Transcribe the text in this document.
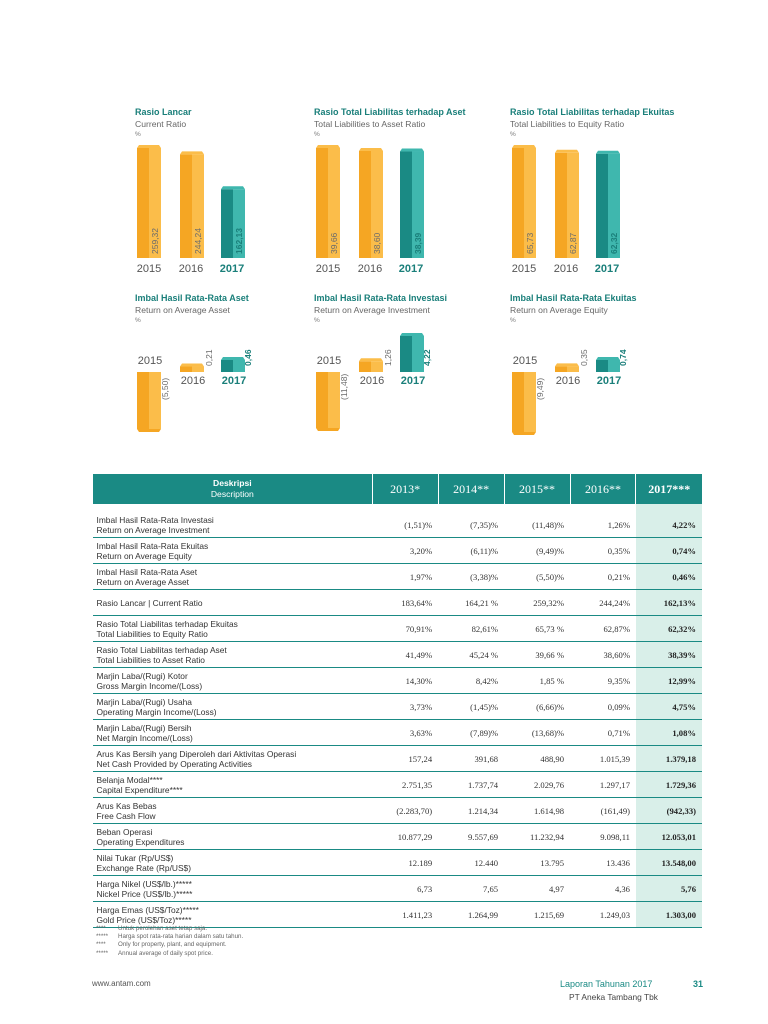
Rasio Lancar
Current Ratio
%
259,32
2015
244,24
2016
162,13
2017
Rasio Total Liabilitas terhadap Aset
Total Liabilities to Asset Ratio
%
39,66
2015
38,60
2016
38,39
2017
Rasio Total Liabilitas terhadap Ekuitas
Total Liabilities to Equity Ratio
%
65,73
2015
62,87
2016
62,32
2017
Imbal Hasil Rata-Rata Aset
Return on Average Asset
%
(5,50)
2015	0,21
2016
0,46
2017
Imbal Hasil Rata-Rata Investasi
Return on Average Investment
%
(11,48)
2015	1,26
2016
4,22
2017
Imbal Hasil Rata-Rata Ekuitas
Return on Average Equity
%
(9,49)
2015	0,35
2016
0,74
2017
Deskripsi
Description	2013*	2014**	2015**	2016**	2017***

Imbal Hasil Rata-Rata Investasi
Return on Average Investment	(1,51)%	(7,35)%	(11,48)%	1,26%	4,22%

Imbal Hasil Rata-Rata Ekuitas
Return on Average Equity	3,20%	(6,11)%	(9,49)%	0,35%	0,74%

Imbal Hasil Rata-Rata Aset
Return on Average Asset	1,97%	(3,38)%	(5,50)%	0,21%	0,46%

Rasio Lancar | Current Ratio	183,64%	164,21 %	259,32%	244,24%	162,13%

Rasio Total Liabilitas terhadap Ekuitas
Total Liabilities to Equity Ratio	70,91%	82,61%	65,73 %	62,87%	62,32%

Rasio Total Liabilitas terhadap Aset
Total Liabilities to Asset Ratio	41,49%	45,24 %	39,66 %	38,60%	38,39%

Marjin Laba/(Rugi) Kotor
Gross Margin Income/(Loss)	14,30%	8,42%	1,85 %	9,35%	12,99%

Marjin Laba/(Rugi) Usaha
Operating Margin Income/(Loss)	3,73%	(1,45)%	(6,66)%	0,09%	4,75%

Marjin Laba/(Rugi) Bersih
Net Margin Income/(Loss)	3,63%	(7,89)%	(13,68)%	0,71%	1,08%

Arus Kas Bersih yang Diperoleh dari Aktivitas Operasi
Net Cash Provided by Operating Activities	157,24	391,68	488,90	1.015,39	1.379,18

Belanja Modal****
Capital Expenditure****	2.751,35	1.737,74	2.029,76	1.297,17	1.729,36

Arus Kas Bebas
Free Cash Flow	(2.283,70)	1.214,34	1.614,98	(161,49)	(942,33)

Beban Operasi
Operating Expenditures	10.877,29	9.557,69	11.232,94	9.098,11	12.053,01

Nilai Tukar (Rp/US$)
Exchange Rate (Rp/US$)	12.189	12.440	13.795	13.436	13.548,00

Harga Nikel (US$/lb.)*****
Nickel Price (US$/lb.)*****	6,73	7,65	4,97	4,36	5,76

Harga Emas (US$/Toz)*****
Gold Price (US$/Toz)*****	1.411,23	1.264,99	1.215,69	1.249,03	1.303,00
**** Untuk perolehan aset tetap saja.
***** Harga spot rata-rata harian dalam satu tahun.
**** Only for property, plant, and equipment.
***** Annual average of daily spot price.
www.antam.com	Laporan Tahunan 2017
PT Aneka Tambang Tbk
31
